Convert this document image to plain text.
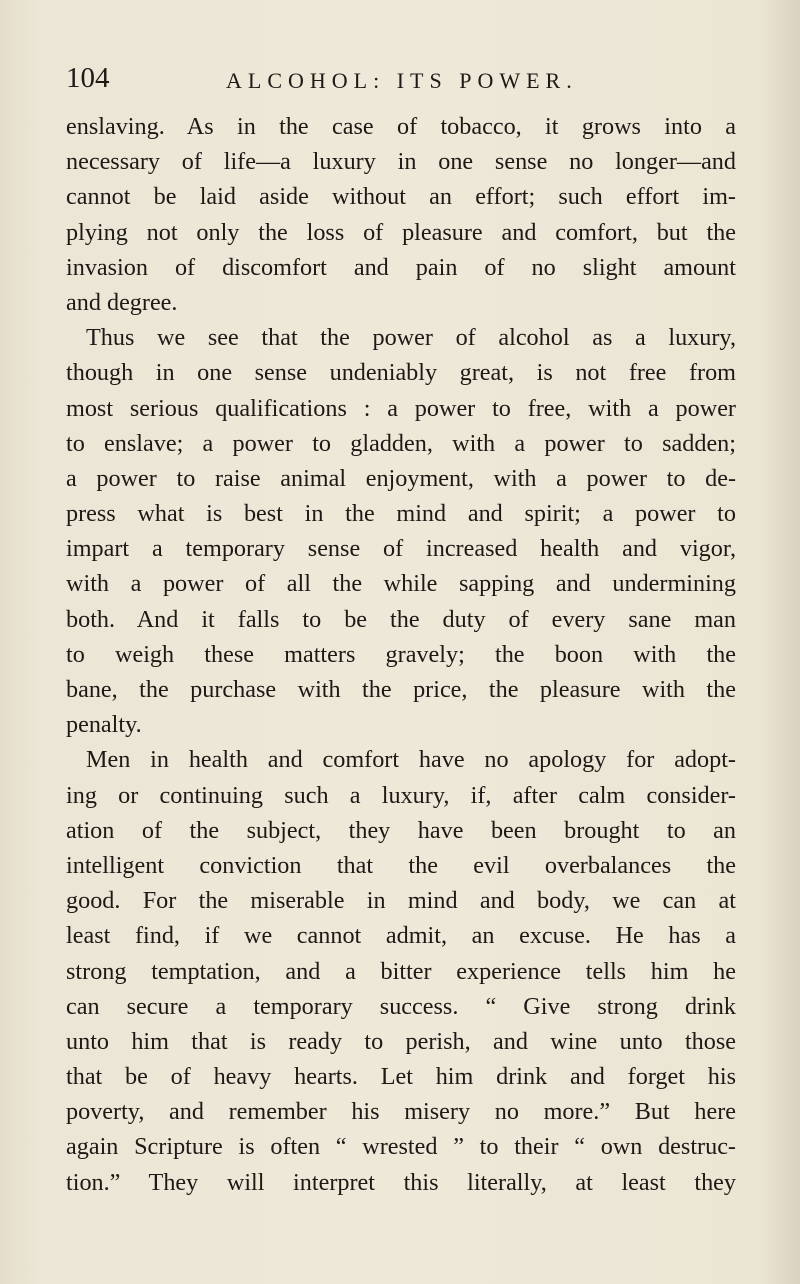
104	ALCOHOL: ITS POWER.
enslaving. As in the case of tobacco, it grows into a
necessary of life—a luxury in one sense no longer—and
cannot be laid aside without an effort; such effort im-
plying not only the loss of pleasure and comfort, but the
invasion of discomfort and pain of no slight amount
and degree.
Thus we see that the power of alcohol as a luxury,
though in one sense undeniably great, is not free from
most serious qualifications : a power to free, with a power
to enslave; a power to gladden, with a power to sadden;
a power to raise animal enjoyment, with a power to de-
press what is best in the mind and spirit; a power to
impart a temporary sense of increased health and vigor,
with a power of all the while sapping and undermining
both. And it falls to be the duty of every sane man
to weigh these matters gravely; the boon with the
bane, the purchase with the price, the pleasure with the
penalty.
Men in health and comfort have no apology for adopt-
ing or continuing such a luxury, if, after calm consider-
ation of the subject, they have been brought to an
intelligent conviction that the evil overbalances the
good. For the miserable in mind and body, we can at
least find, if we cannot admit, an excuse. He has a
strong temptation, and a bitter experience tells him he
can secure a temporary success. “ Give strong drink
unto him that is ready to perish, and wine unto those
that be of heavy hearts. Let him drink and forget his
poverty, and remember his misery no more.” But here
again Scripture is often “ wrested ” to their “ own destruc-
tion.” They will interpret this literally, at least they
